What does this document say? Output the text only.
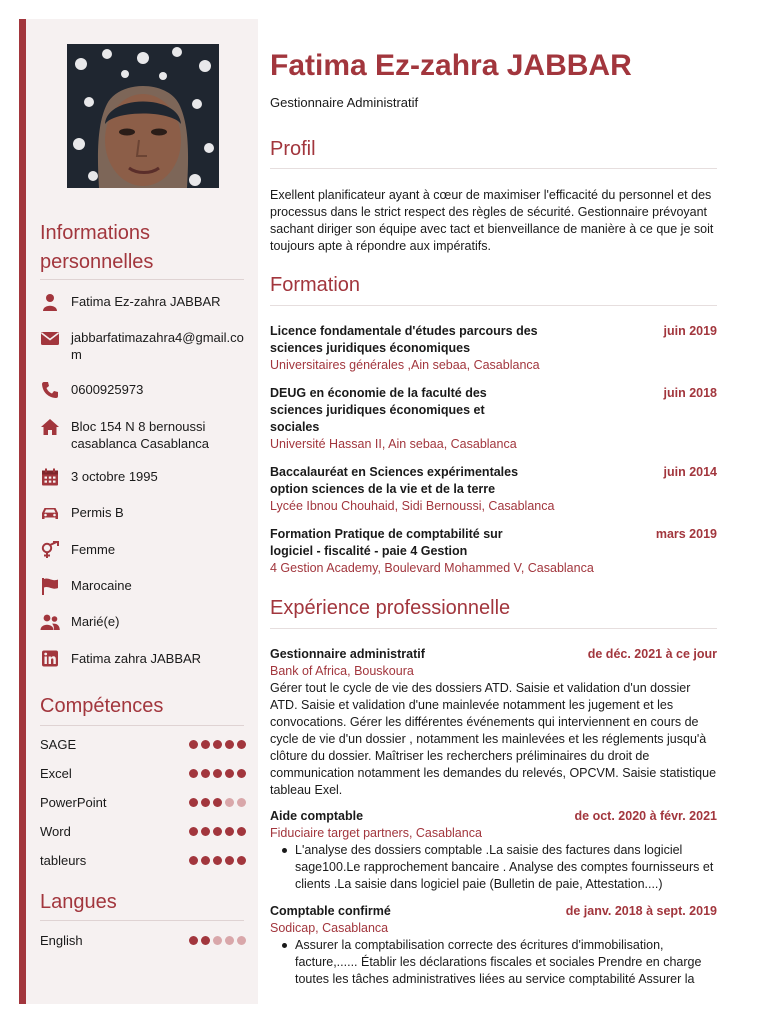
Informations personnelles
Fatima Ez-zahra JABBAR
jabbarfatimazahra4@gmail.com
0600925973
Bloc 154 N 8 bernoussi casablanca Casablanca
3 octobre 1995
Permis B
Femme
Marocaine
Marié(e)
Fatima zahra JABBAR
Compétences
SAGE
Excel
PowerPoint
Word
tableurs
Langues
English
Fatima Ez-zahra JABBAR
Gestionnaire Administratif
Profil

Exellent planificateur ayant à cœur de maximiser l'efficacité du personnel et des processus dans le strict respect des règles de sécurité. Gestionnaire prévoyant sachant diriger son équipe avec tact et bienveillance de manière à ce que je soit toujours apte à répondre aux impératifs.

Formation
Licence fondamentale d'études parcours des sciences juridiques économiques
juin 2019
Universitaires générales ,Ain sebaa, Casablanca
DEUG en économie de la faculté des sciences juridiques économiques et sociales
juin 2018
Université Hassan II, Ain sebaa, Casablanca
Baccalauréat en Sciences expérimentales option sciences de la vie et de la terre
juin 2014
Lycée Ibnou Chouhaid, Sidi Bernoussi, Casablanca
Formation Pratique de comptabilité sur logiciel - fiscalité - paie 4 Gestion
mars 2019
4 Gestion Academy, Boulevard Mohammed V, Casablanca
Expérience professionnelle
Gestionnaire administratif	de déc. 2021 à ce jour
Bank of Africa, Bouskoura
Gérer tout le cycle de vie des dossiers ATD. Saisie et validation d'un dossier ATD. Saisie et validation d'une mainlevée notamment les jugement et les convocations. Gérer les différentes événements qui interviennent en cours de cycle de vie d'un dossier , notamment les mainlevées et les réglements jusqu'à clôture du dossier. Maîtriser les recherchers préliminaires du droit de communication notamment les demandes du relevés, OPCVM. Saisie statistique tableau Exel.
Aide comptable	de oct. 2020 à févr. 2021
Fiduciaire target partners, Casablanca
L'analyse des dossiers comptable .La saisie des factures dans logiciel sage100.Le rapprochement bancaire . Analyse des comptes fournisseurs et clients .La saisie dans logiciel paie (Bulletin de paie, Attestation....)
Comptable confirmé	de janv. 2018 à sept. 2019
Sodicap, Casablanca
Assurer la comptabilisation correcte des écritures d'immobilisation, facture,...... Établir les déclarations fiscales et sociales Prendre en charge toutes les tâches administratives liées au service comptabilité Assurer la
